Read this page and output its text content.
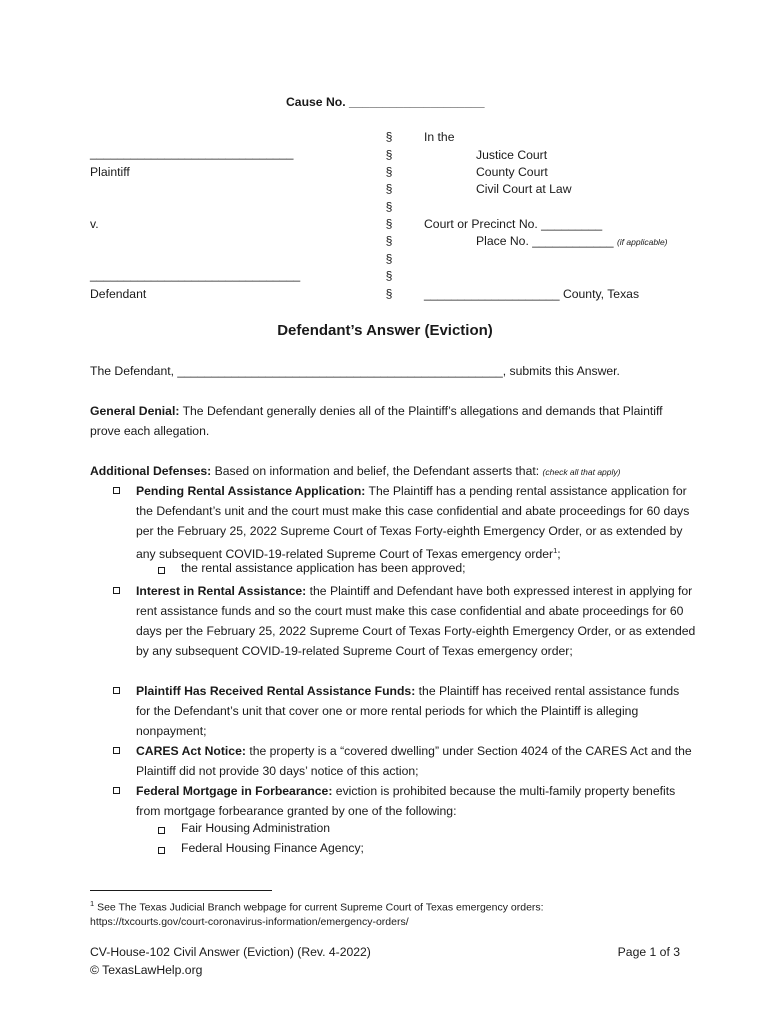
Cause No. ____________________
§
§
§
§
§
§
§
§
§
§
______________________________
Plaintiff
v.
_______________________________
Defendant
In the
Justice Court
County Court
Civil Court at Law
Court or Precinct No. _________
Place No. ____________ (if applicable)
____________________ County, Texas
Defendant’s Answer (Eviction)
The Defendant, ________________________________________________, submits this Answer.
General Denial: The Defendant generally denies all of the Plaintiff’s allegations and demands that Plaintiff prove each allegation.
Additional Defenses: Based on information and belief, the Defendant asserts that: (check all that apply)
Pending Rental Assistance Application: The Plaintiff has a pending rental assistance application for the Defendant’s unit and the court must make this case confidential and abate proceedings for 60 days per the February 25, 2022 Supreme Court of Texas Forty-eighth Emergency Order, or as extended by any subsequent COVID-19-related Supreme Court of Texas emergency order$^1$;
the rental assistance application has been approved;
Interest in Rental Assistance: the Plaintiff and Defendant have both expressed interest in applying for rent assistance funds and so the court must make this case confidential and abate proceedings for 60 days per the February 25, 2022 Supreme Court of Texas Forty-eighth Emergency Order, or as extended by any subsequent COVID-19-related Supreme Court of Texas emergency order;
Plaintiff Has Received Rental Assistance Funds: the Plaintiff has received rental assistance funds for the Defendant’s unit that cover one or more rental periods for which the Plaintiff is alleging nonpayment;
CARES Act Notice: the property is a “covered dwelling” under Section 4024 of the CARES Act and the Plaintiff did not provide 30 days’ notice of this action;
Federal Mortgage in Forbearance: eviction is prohibited because the multi-family property benefits from mortgage forbearance granted by one of the following:
Fair Housing Administration
Federal Housing Finance Agency;
$^1$ See The Texas Judicial Branch webpage for current Supreme Court of Texas emergency orders:
https://txcourts.gov/court-coronavirus-information/emergency-orders/
CV-House-102 Civil Answer (Eviction) (Rev. 4-2022)
© TexasLawHelp.org
Page 1 of 3
